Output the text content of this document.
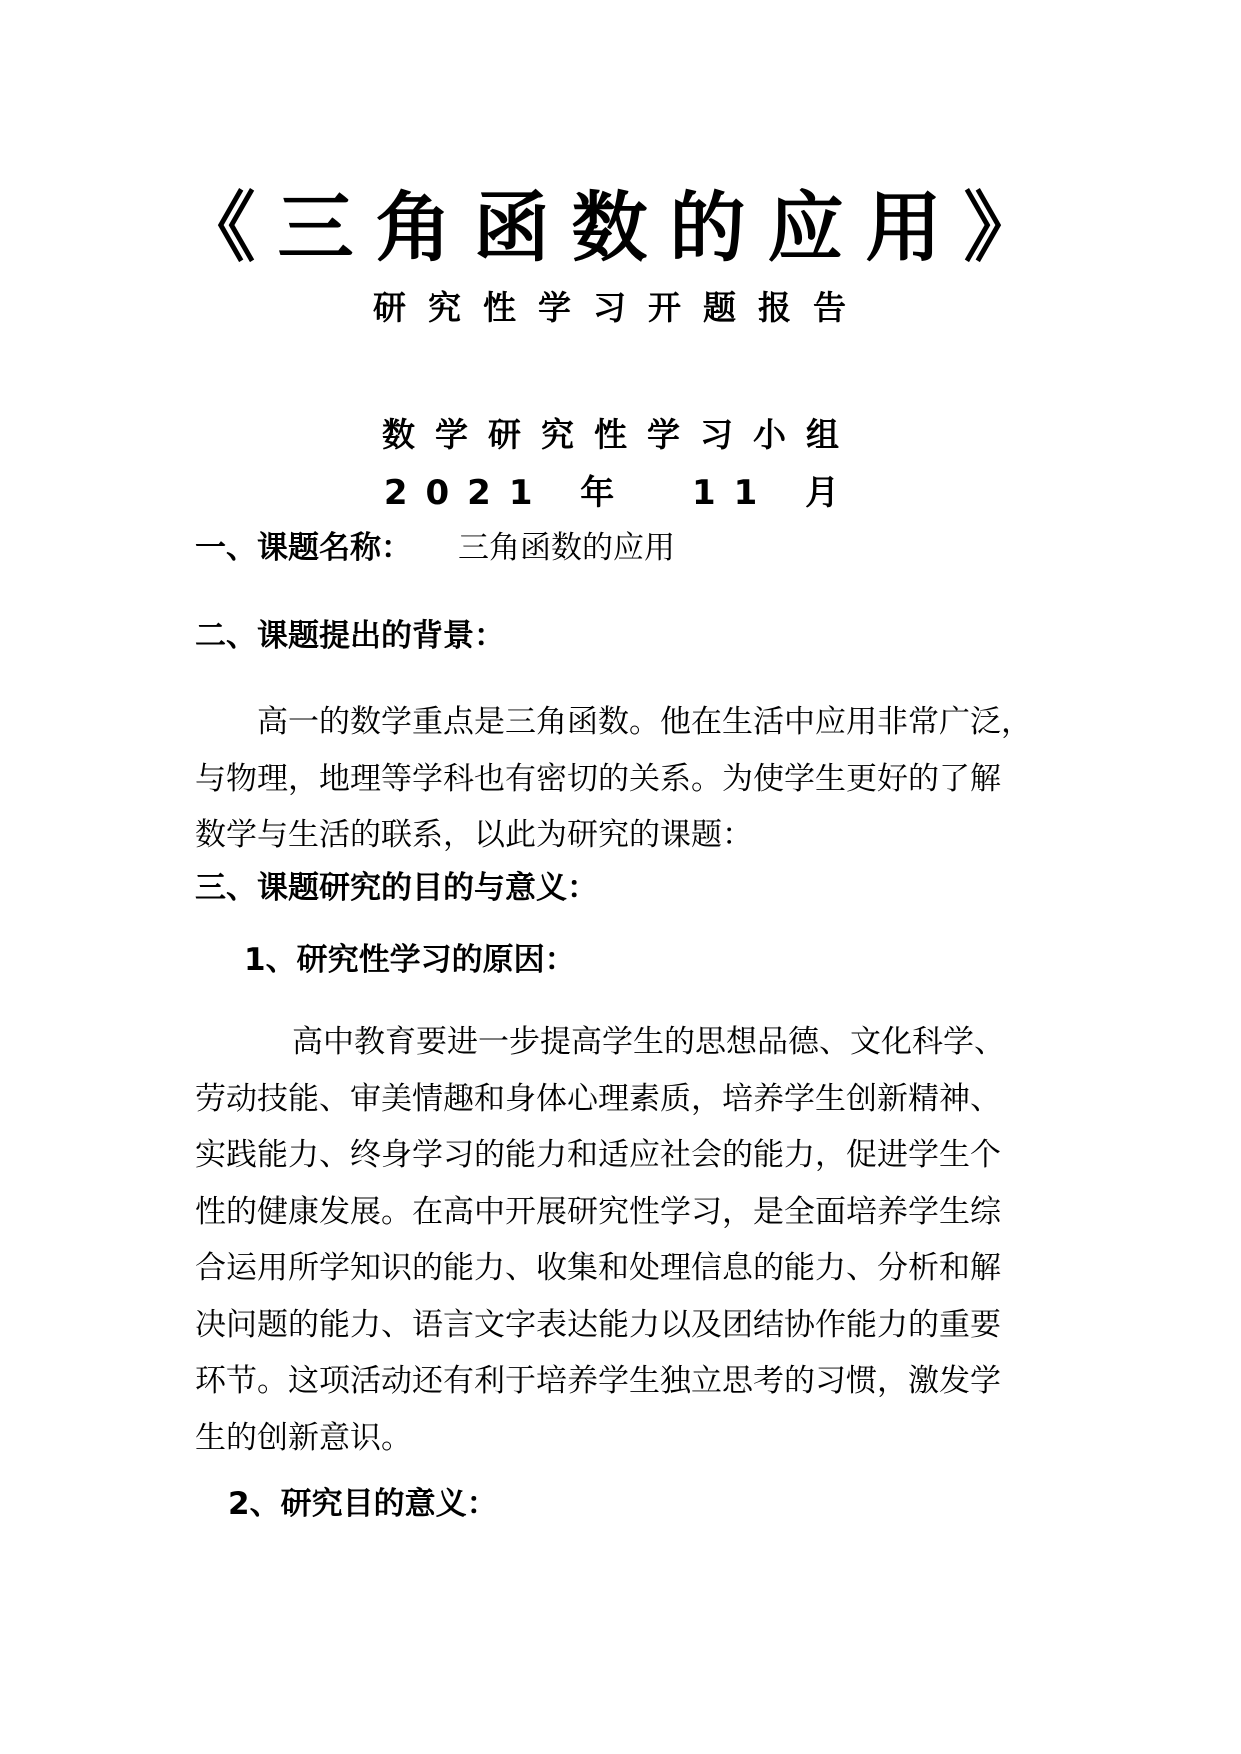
《三角函数的应用》
研究性学习开题报告
数学研究性学习小组
2021 年  11 月
一、课题名称： 三角函数的应用
二、课题提出的背景：
高一的数学重点是三角函数。他在生活中应用非常广泛，
与物理，地理等学科也有密切的关系。为使学生更好的了解
数学与生活的联系，以此为研究的课题：
三、课题研究的目的与意义：
1、研究性学习的原因：
高中教育要进一步提高学生的思想品德、文化科学、
劳动技能、审美情趣和身体心理素质，培养学生创新精神、
实践能力、终身学习的能力和适应社会的能力，促进学生个
性的健康发展。在高中开展研究性学习，是全面培养学生综
合运用所学知识的能力、收集和处理信息的能力、分析和解
决问题的能力、语言文字表达能力以及团结协作能力的重要
环节。这项活动还有利于培养学生独立思考的习惯，激发学
生的创新意识。
2、研究目的意义：
